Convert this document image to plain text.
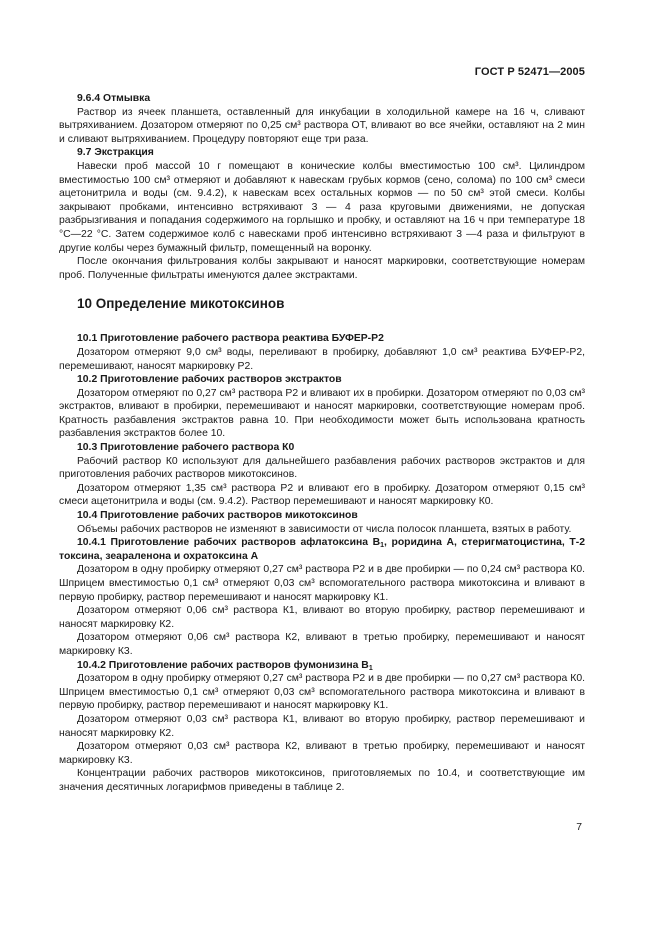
ГОСТ Р 52471—2005

9.6.4 Отмывка

Раствор из ячеек планшета, оставленный для инкубации в холодильной камере на 16 ч, сливают вытряхиванием. Дозатором отмеряют по 0,25 см³ раствора ОТ, вливают во все ячейки, оставляют на 2 мин и сливают вытряхиванием. Процедуру повторяют еще три раза.

9.7 Экстракция

Навески проб массой 10 г помещают в конические колбы вместимостью 100 см³. Цилиндром вместимостью 100 см³ отмеряют и добавляют к навескам грубых кормов (сено, солома) по 100 см³ смеси ацетонитрила и воды (см. 9.4.2), к навескам всех остальных кормов — по 50 см³ этой смеси. Колбы закрывают пробками, интенсивно встряхивают 3 — 4 раза круговыми движениями, не допуская разбрызгивания и попадания содержимого на горлышко и пробку, и оставляют на 16 ч при температуре 18 °С—22 °С. Затем содержимое колб с навесками проб интенсивно встряхивают 3 —4 раза и фильтруют в другие колбы через бумажный фильтр, помещенный на воронку.

После окончания фильтрования колбы закрывают и наносят маркировки, соответствующие номерам проб. Полученные фильтраты именуются далее экстрактами.

10 Определение микотоксинов

10.1 Приготовление рабочего раствора реактива БУФЕР-Р2

Дозатором отмеряют 9,0 см³ воды, переливают в пробирку, добавляют 1,0 см³ реактива БУФЕР-Р2, перемешивают, наносят маркировку Р2.

10.2 Приготовление рабочих растворов экстрактов

Дозатором отмеряют по 0,27 см³ раствора Р2 и вливают их в пробирки. Дозатором отмеряют по 0,03 см³ экстрактов, вливают в пробирки, перемешивают и наносят маркировки, соответствующие номерам проб. Кратность разбавления экстрактов равна 10. При необходимости может быть использована кратность разбавления экстрактов более 10.

10.3 Приготовление рабочего раствора К0

Рабочий раствор К0 используют для дальнейшего разбавления рабочих растворов экстрактов и для приготовления рабочих растворов микотоксинов.

Дозатором отмеряют 1,35 см³ раствора Р2 и вливают его в пробирку. Дозатором отмеряют 0,15 см³ смеси ацетонитрила и воды (см. 9.4.2). Раствор перемешивают и наносят маркировку К0.

10.4 Приготовление рабочих растворов микотоксинов

Объемы рабочих растворов не изменяют в зависимости от числа полосок планшета, взятых в работу.

10.4.1 Приготовление рабочих растворов афлатоксина $В_1$, роридина А, стеригматоцистина, Т-2 токсина, зеараленона и охратоксина А

Дозатором в одну пробирку отмеряют 0,27 см³ раствора Р2 и в две пробирки — по 0,24 см³ раствора К0. Шприцем вместимостью 0,1 см³ отмеряют 0,03 см³ вспомогательного раствора микотоксина и вливают в первую пробирку, раствор перемешивают и наносят маркировку К1.

Дозатором отмеряют 0,06 см³ раствора К1, вливают во вторую пробирку, раствор перемешивают и наносят маркировку К2.

Дозатором отмеряют 0,06 см³ раствора К2, вливают в третью пробирку, перемешивают и наносят маркировку К3.

10.4.2 Приготовление рабочих растворов фумонизина $В_1$

Дозатором в одну пробирку отмеряют 0,27 см³ раствора Р2 и в две пробирки — по 0,27 см³ раствора К0. Шприцем вместимостью 0,1 см³ отмеряют 0,03 см³ вспомогательного раствора микотоксина и вливают в первую пробирку, раствор перемешивают и наносят маркировку К1.

Дозатором отмеряют 0,03 см³ раствора К1, вливают во вторую пробирку, раствор перемешивают и наносят маркировку К2.

Дозатором отмеряют 0,03 см³ раствора К2, вливают в третью пробирку, перемешивают и наносят маркировку К3.

Концентрации рабочих растворов микотоксинов, приготовляемых по 10.4, и соответствующие им значения десятичных логарифмов приведены в таблице 2.

7
